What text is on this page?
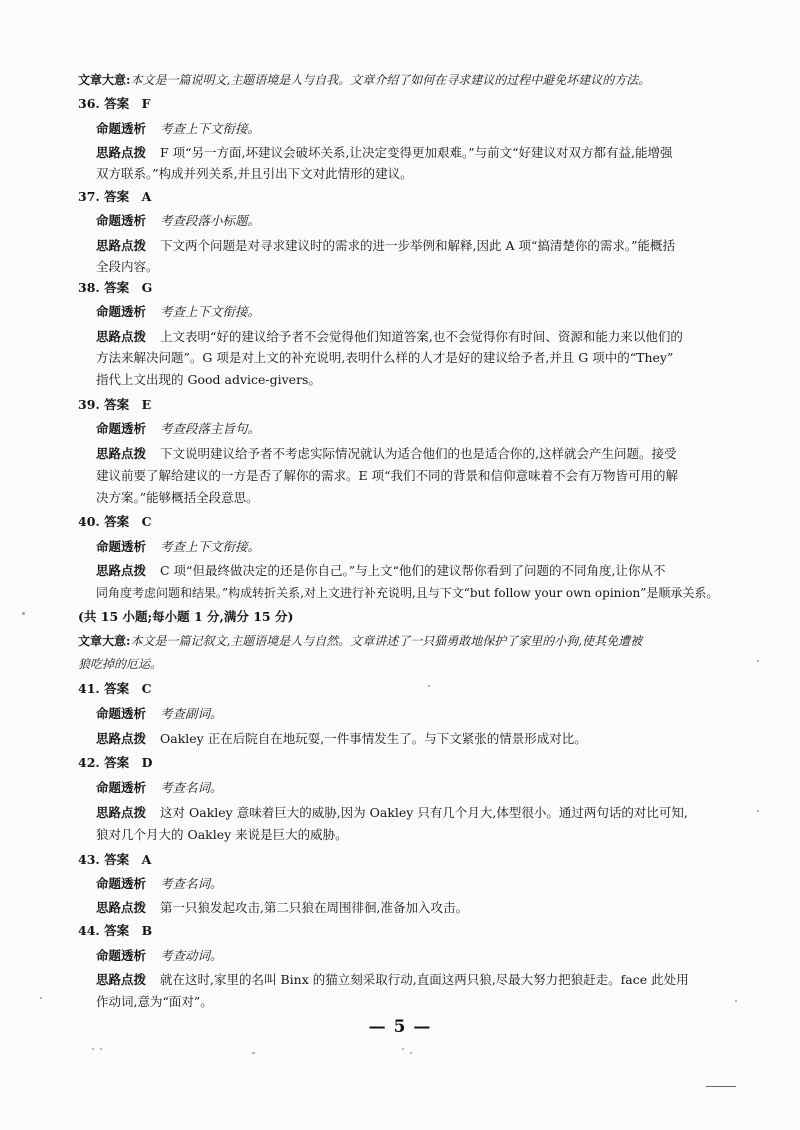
文章大意:本文是一篇说明文,主题语境是人与自我。文章介绍了如何在寻求建议的过程中避免坏建议的方法。
36. 答案　F
命题透析 考查上下文衔接。
思路点拨 F 项“另一方面,坏建议会破坏关系,让决定变得更加艰难。”与前文“好建议对双方都有益,能增强
双方联系。”构成并列关系,并且引出下文对此情形的建议。
37. 答案　A
命题透析 考查段落小标题。
思路点拨 下文两个问题是对寻求建议时的需求的进一步举例和解释,因此 A 项“搞清楚你的需求。”能概括
全段内容。
38. 答案　G
命题透析 考查上下文衔接。
思路点拨 上文表明“好的建议给予者不会觉得他们知道答案,也不会觉得你有时间、资源和能力来以他们的
方法来解决问题”。G 项是对上文的补充说明,表明什么样的人才是好的建议给予者,并且 G 项中的“They”
指代上文出现的 Good advice-givers。
39. 答案　E
命题透析 考查段落主旨句。
思路点拨 下文说明建议给予者不考虑实际情况就认为适合他们的也是适合你的,这样就会产生问题。接受
建议前要了解给建议的一方是否了解你的需求。E 项“我们不同的背景和信仰意味着不会有万物皆可用的解
决方案。”能够概括全段意思。
40. 答案　C
命题透析 考查上下文衔接。
思路点拨 C 项“但最终做决定的还是你自己。”与上文“他们的建议帮你看到了问题的不同角度,让你从不
同角度考虑问题和结果。”构成转折关系,对上文进行补充说明,且与下文“but follow your own opinion”是顺承关系。
(共 15 小题;每小题 1 分,满分 15 分)
文章大意:本文是一篇记叙文,主题语境是人与自然。文章讲述了一只猫勇敢地保护了家里的小狗,使其免遭被
狼吃掉的厄运。
41. 答案　C
命题透析 考查副词。
思路点拨 Oakley 正在后院自在地玩耍,一件事情发生了。与下文紧张的情景形成对比。
42. 答案　D
命题透析 考查名词。
思路点拨 这对 Oakley 意味着巨大的威胁,因为 Oakley 只有几个月大,体型很小。通过两句话的对比可知,
狼对几个月大的 Oakley 来说是巨大的威胁。
43. 答案　A
命题透析 考查名词。
思路点拨 第一只狼发起攻击,第二只狼在周围徘徊,准备加入攻击。
44. 答案　B
命题透析 考查动词。
思路点拨 就在这时,家里的名叫 Binx 的猫立刻采取行动,直面这两只狼,尽最大努力把狼赶走。face 此处用
作动词,意为“面对”。
— 5 —
